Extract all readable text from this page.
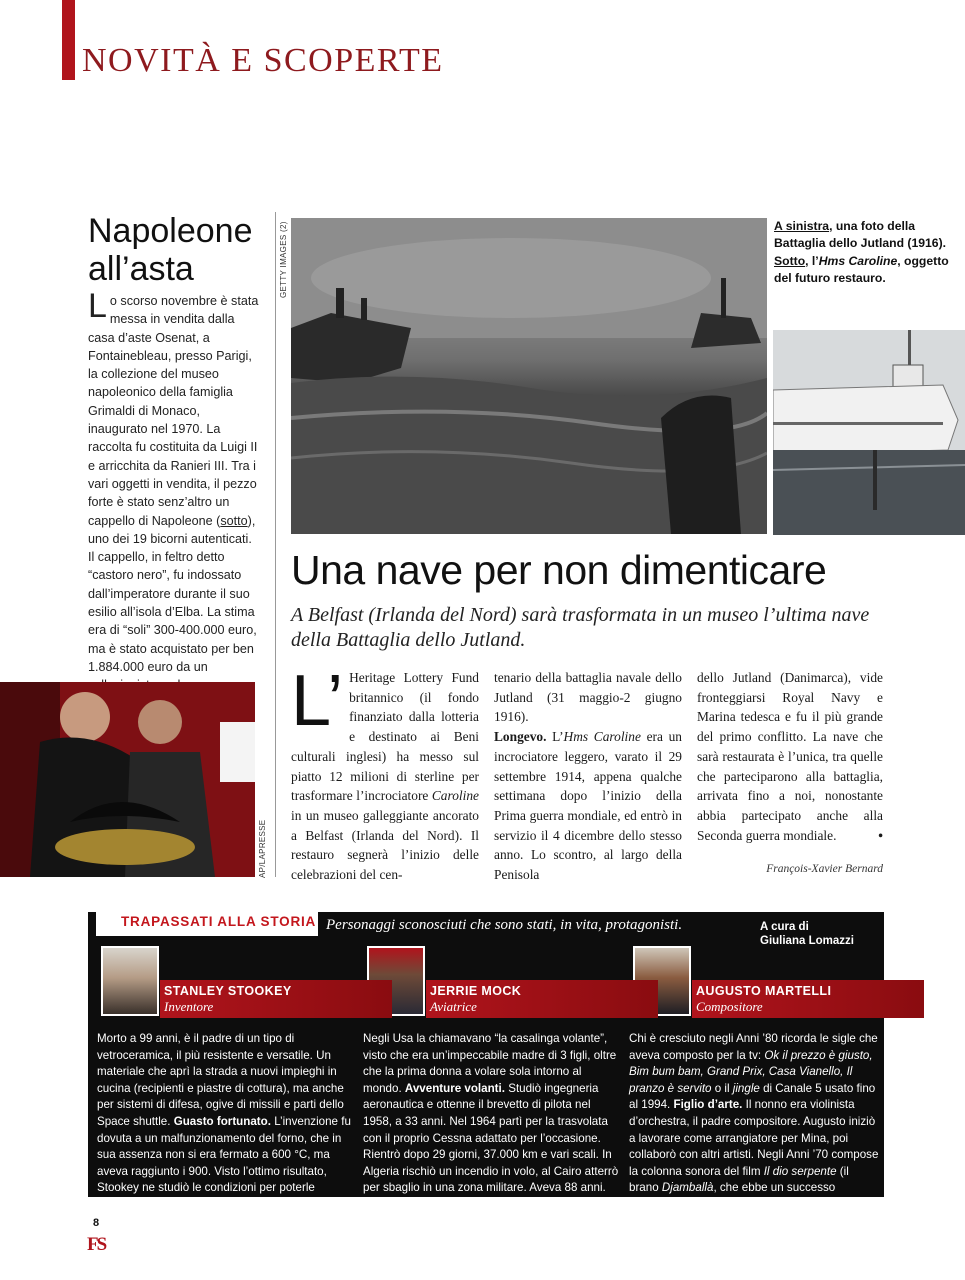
NOVITÀ E SCOPERTE
Napoleone all’asta
Lo scorso novembre è stata messa in vendita dalla casa d’aste Osenat, a Fontainebleau, presso Parigi, la collezione del museo napoleonico della famiglia Grimaldi di Monaco, inaugurato nel 1970. La raccolta fu costituita da Luigi II e arricchita da Ranieri III. Tra i vari oggetti in vendita, il pezzo forte è stato senz’altro un cappello di Napoleone (sotto), uno dei 19 bicorni autenticati. Il cappello, in feltro detto “castoro nero”, fu indossato dall’imperatore durante il suo esilio all’isola d’Elba. La stima era di “soli” 300-400.000 euro, ma è stato acquistato per ben 1.884.000 euro da un
GETTY IMAGES (2)	A sinistra, una foto della Battaglia dello Jutland (1916). Sotto, l’Hms Caroline, oggetto del futuro restauro.
AP/LAPRESSE
Una nave per non dimenticare

A Belfast (Irlanda del Nord) sarà trasformata in un museo l’ultima nave della Battaglia dello Jutland.

L’ Heritage Lottery Fund britannico (il fondo finanziato dalla lotteria e destinato ai Beni culturali inglesi) ha messo sul piatto 12 milioni di sterline per trasformare l’incrociatore Caroline in un museo galleggiante ancorato a Belfast (Irlanda del Nord). Il restauro segnerà l’inizio delle celebrazioni del cen-
tenario della battaglia navale dello Jutland (31 maggio-2 giugno 1916).
Longevo. L’Hms Caroline era un incrociatore leggero, varato il 29 settembre 1914, appena qualche settimana dopo l’inizio della Prima guerra mondiale, ed entrò in servizio il 4 dicembre dello stesso anno. Lo scontro, al largo della Penisola
dello Jutland (Danimarca), vide fronteggiarsi Royal Navy e Marina tedesca e fu il più grande del primo conflitto. La nave che sarà restaurata è l’unica, tra quelle che parteciparono alla battaglia, arrivata fino a noi, nonostante abbia partecipato anche alla Seconda guerra mondiale.	•
François-Xavier Bernard
TRAPASSATI ALLA STORIA Personaggi sconosciuti che sono stati, in vita, protagonisti.	A cura di
Giuliana Lomazzi
STANLEY STOOKEY
Inventore
JERRIE MOCK
Aviatrice
AUGUSTO MARTELLI
Compositore
Morto a 99 anni, è il padre di un tipo di vetroceramica, il più resistente e versatile. Un materiale che aprì la strada a nuovi impieghi in cucina (recipienti e piastre di cottura), ma anche per sistemi di difesa, ogive di missili e parti dello Space shuttle. Guasto fortunato. L’invenzione fu dovuta a un malfunzionamento del forno, che in sua assenza non si era fermato a 600 °C, ma aveva raggiunto i 900. Visto l’ottimo risultato, Stookey ne studiò le condizioni per poterle riprodurre a piacimento.
Negli Usa la chiamavano “la casalinga volante”, visto che era un’impeccabile madre di 3 figli, oltre che la prima donna a volare sola intorno al mondo. Avventure volanti. Studiò ingegneria aeronautica e ottenne il brevetto di pilota nel 1958, a 33 anni. Nel 1964 partì per la trasvolata con il proprio Cessna adattato per l’occasione. Rientrò dopo 29 giorni, 37.000 km e vari scali. In Algeria rischiò un incendio in volo, al Cairo atterrò per sbaglio in una zona militare. Aveva 88 anni.
Chi è cresciuto negli Anni ’80 ricorda le sigle che aveva composto per la tv: Ok il prezzo è giusto, Bim bum bam, Grand Prix, Casa Vianello, Il pranzo è servito o il jingle di Canale 5 usato fino al 1994. Figlio d’arte. Il nonno era violinista d’orchestra, il padre compositore. Augusto iniziò a lavorare come arrangiatore per Mina, poi collaborò con altri artisti. Negli Anni ’70 compose la colonna sonora del film Il dio serpente (il brano Djamballà, che ebbe un successo internazionale). È morto a 74 anni.
8
FS
